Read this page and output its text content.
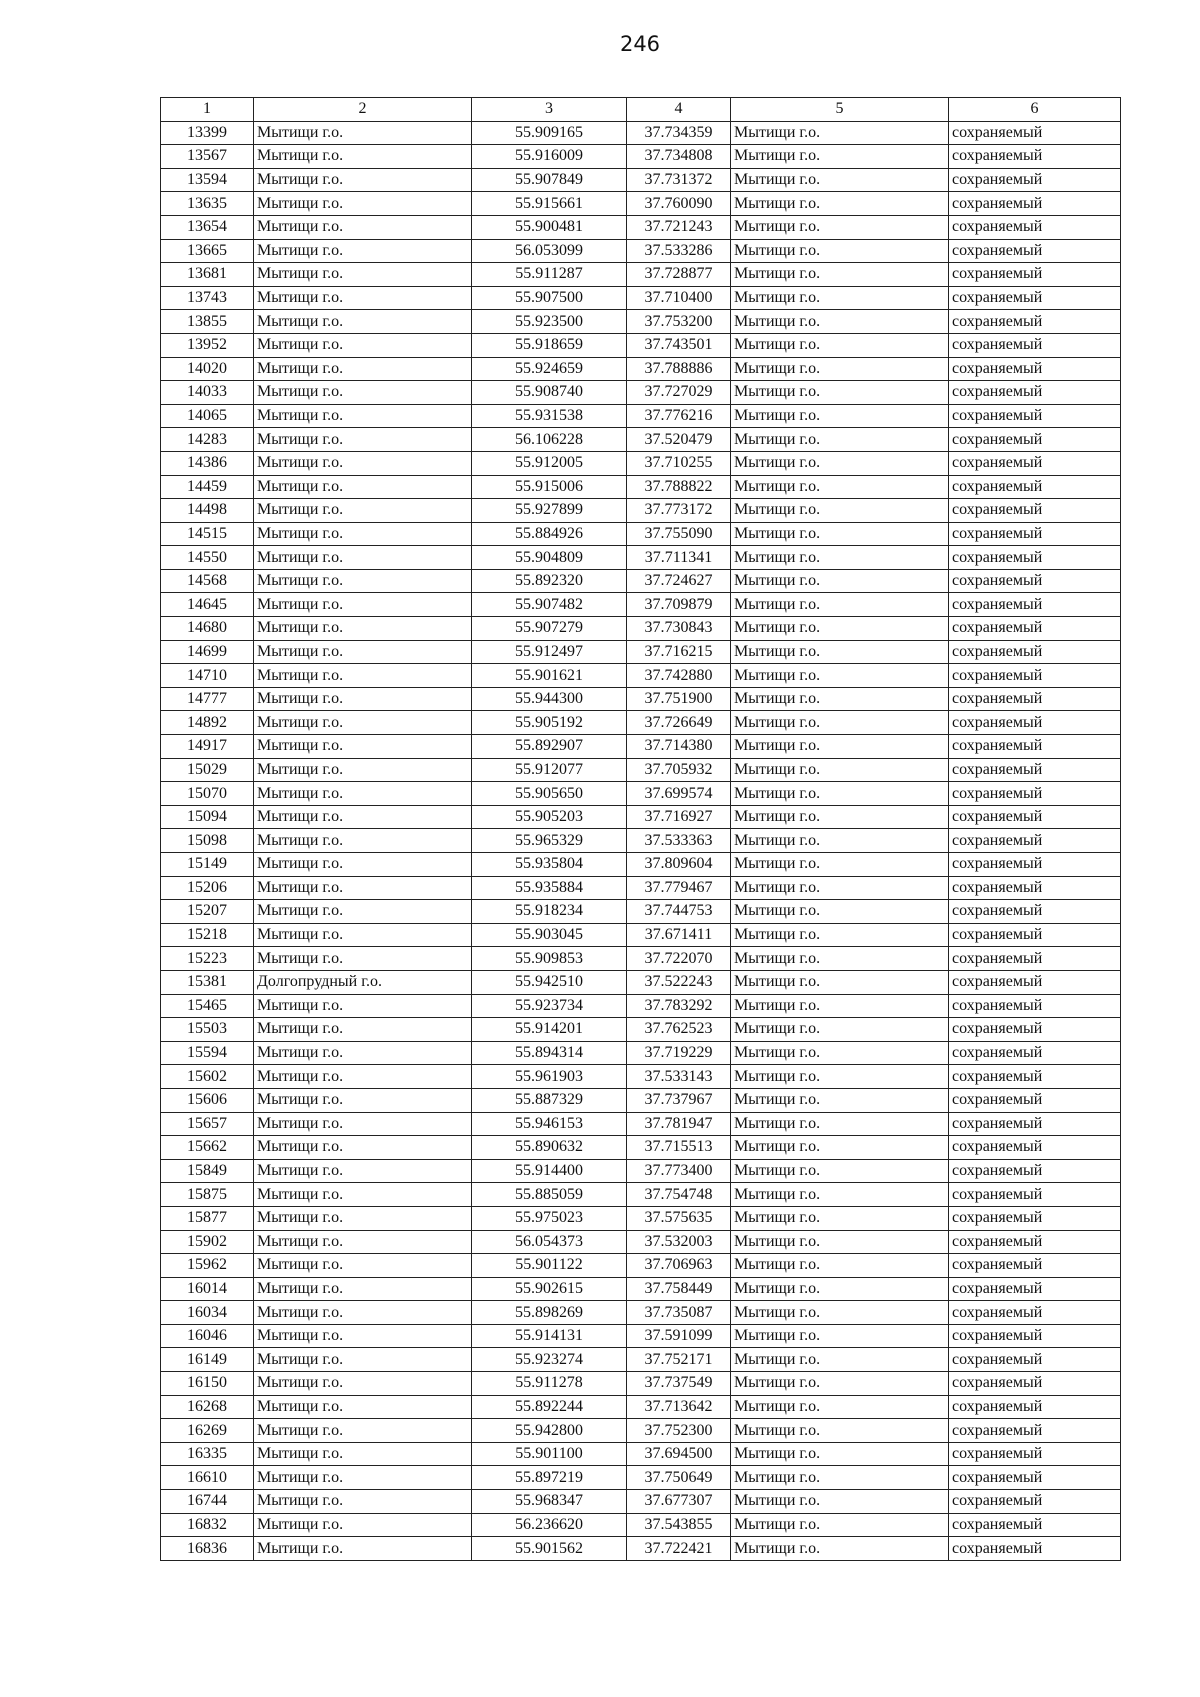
246
1	2	3	4	5	6
13399	Мытищи г.о.	55.909165	37.734359	Мытищи г.о.	сохраняемый
13567	Мытищи г.о.	55.916009	37.734808	Мытищи г.о.	сохраняемый
13594	Мытищи г.о.	55.907849	37.731372	Мытищи г.о.	сохраняемый
13635	Мытищи г.о.	55.915661	37.760090	Мытищи г.о.	сохраняемый
13654	Мытищи г.о.	55.900481	37.721243	Мытищи г.о.	сохраняемый
13665	Мытищи г.о.	56.053099	37.533286	Мытищи г.о.	сохраняемый
13681	Мытищи г.о.	55.911287	37.728877	Мытищи г.о.	сохраняемый
13743	Мытищи г.о.	55.907500	37.710400	Мытищи г.о.	сохраняемый
13855	Мытищи г.о.	55.923500	37.753200	Мытищи г.о.	сохраняемый
13952	Мытищи г.о.	55.918659	37.743501	Мытищи г.о.	сохраняемый
14020	Мытищи г.о.	55.924659	37.788886	Мытищи г.о.	сохраняемый
14033	Мытищи г.о.	55.908740	37.727029	Мытищи г.о.	сохраняемый
14065	Мытищи г.о.	55.931538	37.776216	Мытищи г.о.	сохраняемый
14283	Мытищи г.о.	56.106228	37.520479	Мытищи г.о.	сохраняемый
14386	Мытищи г.о.	55.912005	37.710255	Мытищи г.о.	сохраняемый
14459	Мытищи г.о.	55.915006	37.788822	Мытищи г.о.	сохраняемый
14498	Мытищи г.о.	55.927899	37.773172	Мытищи г.о.	сохраняемый
14515	Мытищи г.о.	55.884926	37.755090	Мытищи г.о.	сохраняемый
14550	Мытищи г.о.	55.904809	37.711341	Мытищи г.о.	сохраняемый
14568	Мытищи г.о.	55.892320	37.724627	Мытищи г.о.	сохраняемый
14645	Мытищи г.о.	55.907482	37.709879	Мытищи г.о.	сохраняемый
14680	Мытищи г.о.	55.907279	37.730843	Мытищи г.о.	сохраняемый
14699	Мытищи г.о.	55.912497	37.716215	Мытищи г.о.	сохраняемый
14710	Мытищи г.о.	55.901621	37.742880	Мытищи г.о.	сохраняемый
14777	Мытищи г.о.	55.944300	37.751900	Мытищи г.о.	сохраняемый
14892	Мытищи г.о.	55.905192	37.726649	Мытищи г.о.	сохраняемый
14917	Мытищи г.о.	55.892907	37.714380	Мытищи г.о.	сохраняемый
15029	Мытищи г.о.	55.912077	37.705932	Мытищи г.о.	сохраняемый
15070	Мытищи г.о.	55.905650	37.699574	Мытищи г.о.	сохраняемый
15094	Мытищи г.о.	55.905203	37.716927	Мытищи г.о.	сохраняемый
15098	Мытищи г.о.	55.965329	37.533363	Мытищи г.о.	сохраняемый
15149	Мытищи г.о.	55.935804	37.809604	Мытищи г.о.	сохраняемый
15206	Мытищи г.о.	55.935884	37.779467	Мытищи г.о.	сохраняемый
15207	Мытищи г.о.	55.918234	37.744753	Мытищи г.о.	сохраняемый
15218	Мытищи г.о.	55.903045	37.671411	Мытищи г.о.	сохраняемый
15223	Мытищи г.о.	55.909853	37.722070	Мытищи г.о.	сохраняемый
15381	Долгопрудный г.о.	55.942510	37.522243	Мытищи г.о.	сохраняемый
15465	Мытищи г.о.	55.923734	37.783292	Мытищи г.о.	сохраняемый
15503	Мытищи г.о.	55.914201	37.762523	Мытищи г.о.	сохраняемый
15594	Мытищи г.о.	55.894314	37.719229	Мытищи г.о.	сохраняемый
15602	Мытищи г.о.	55.961903	37.533143	Мытищи г.о.	сохраняемый
15606	Мытищи г.о.	55.887329	37.737967	Мытищи г.о.	сохраняемый
15657	Мытищи г.о.	55.946153	37.781947	Мытищи г.о.	сохраняемый
15662	Мытищи г.о.	55.890632	37.715513	Мытищи г.о.	сохраняемый
15849	Мытищи г.о.	55.914400	37.773400	Мытищи г.о.	сохраняемый
15875	Мытищи г.о.	55.885059	37.754748	Мытищи г.о.	сохраняемый
15877	Мытищи г.о.	55.975023	37.575635	Мытищи г.о.	сохраняемый
15902	Мытищи г.о.	56.054373	37.532003	Мытищи г.о.	сохраняемый
15962	Мытищи г.о.	55.901122	37.706963	Мытищи г.о.	сохраняемый
16014	Мытищи г.о.	55.902615	37.758449	Мытищи г.о.	сохраняемый
16034	Мытищи г.о.	55.898269	37.735087	Мытищи г.о.	сохраняемый
16046	Мытищи г.о.	55.914131	37.591099	Мытищи г.о.	сохраняемый
16149	Мытищи г.о.	55.923274	37.752171	Мытищи г.о.	сохраняемый
16150	Мытищи г.о.	55.911278	37.737549	Мытищи г.о.	сохраняемый
16268	Мытищи г.о.	55.892244	37.713642	Мытищи г.о.	сохраняемый
16269	Мытищи г.о.	55.942800	37.752300	Мытищи г.о.	сохраняемый
16335	Мытищи г.о.	55.901100	37.694500	Мытищи г.о.	сохраняемый
16610	Мытищи г.о.	55.897219	37.750649	Мытищи г.о.	сохраняемый
16744	Мытищи г.о.	55.968347	37.677307	Мытищи г.о.	сохраняемый
16832	Мытищи г.о.	56.236620	37.543855	Мытищи г.о.	сохраняемый
16836	Мытищи г.о.	55.901562	37.722421	Мытищи г.о.	сохраняемый
